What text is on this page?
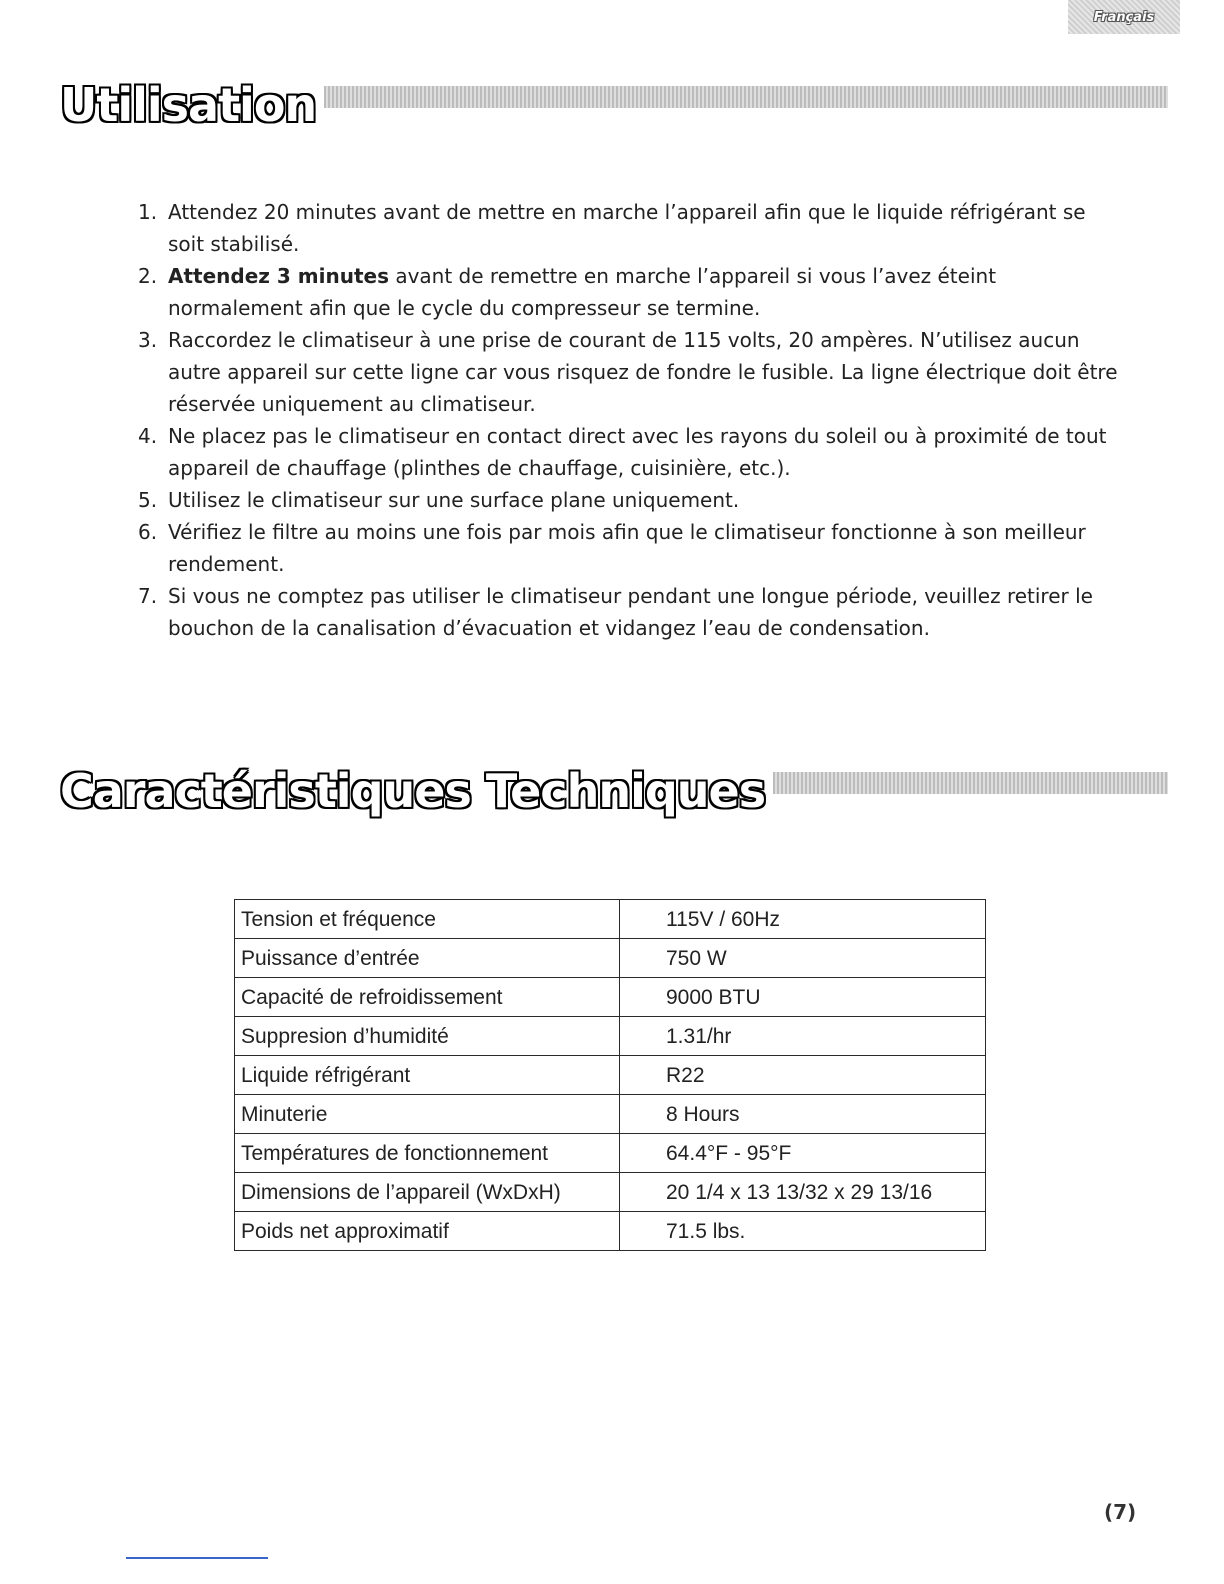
Français
Utilisation
1. Attendez 20 minutes avant de mettre en marche l’appareil afin que le liquide réfrigérant se soit stabilisé.
2. Attendez 3 minutes avant de remettre en marche l’appareil si vous l’avez éteint normalement afin que le cycle du compresseur se termine.
3. Raccordez le climatiseur à une prise de courant de 115 volts, 20 ampères. N’utilisez aucun autre appareil sur cette ligne car vous risquez de fondre le fusible. La ligne électrique doit être réservée uniquement au climatiseur.
4. Ne placez pas le climatiseur en contact direct avec les rayons du soleil ou à proximité de tout appareil de chauffage (plinthes de chauffage, cuisinière, etc.).
5. Utilisez le climatiseur sur une surface plane uniquement.
6. Vérifiez le filtre au moins une fois par mois afin que le climatiseur fonctionne à son meilleur rendement.
7. Si vous ne comptez pas utiliser le climatiseur pendant une longue période, veuillez retirer le bouchon de la canalisation d’évacuation et vidangez l’eau de condensation.
Caractéristiques Techniques
Tension et fréquence	115V / 60Hz
Puissance d’entrée	750 W
Capacité de refroidissement	9000 BTU
Suppresion d’humidité	1.31/hr
Liquide réfrigérant	R22
Minuterie	8 Hours
Températures de fonctionnement	64.4°F - 95°F
Dimensions de l’appareil (WxDxH)	20 1/4 x 13 13/32 x 29 13/16
Poids net approximatif	71.5 lbs.
(7)
